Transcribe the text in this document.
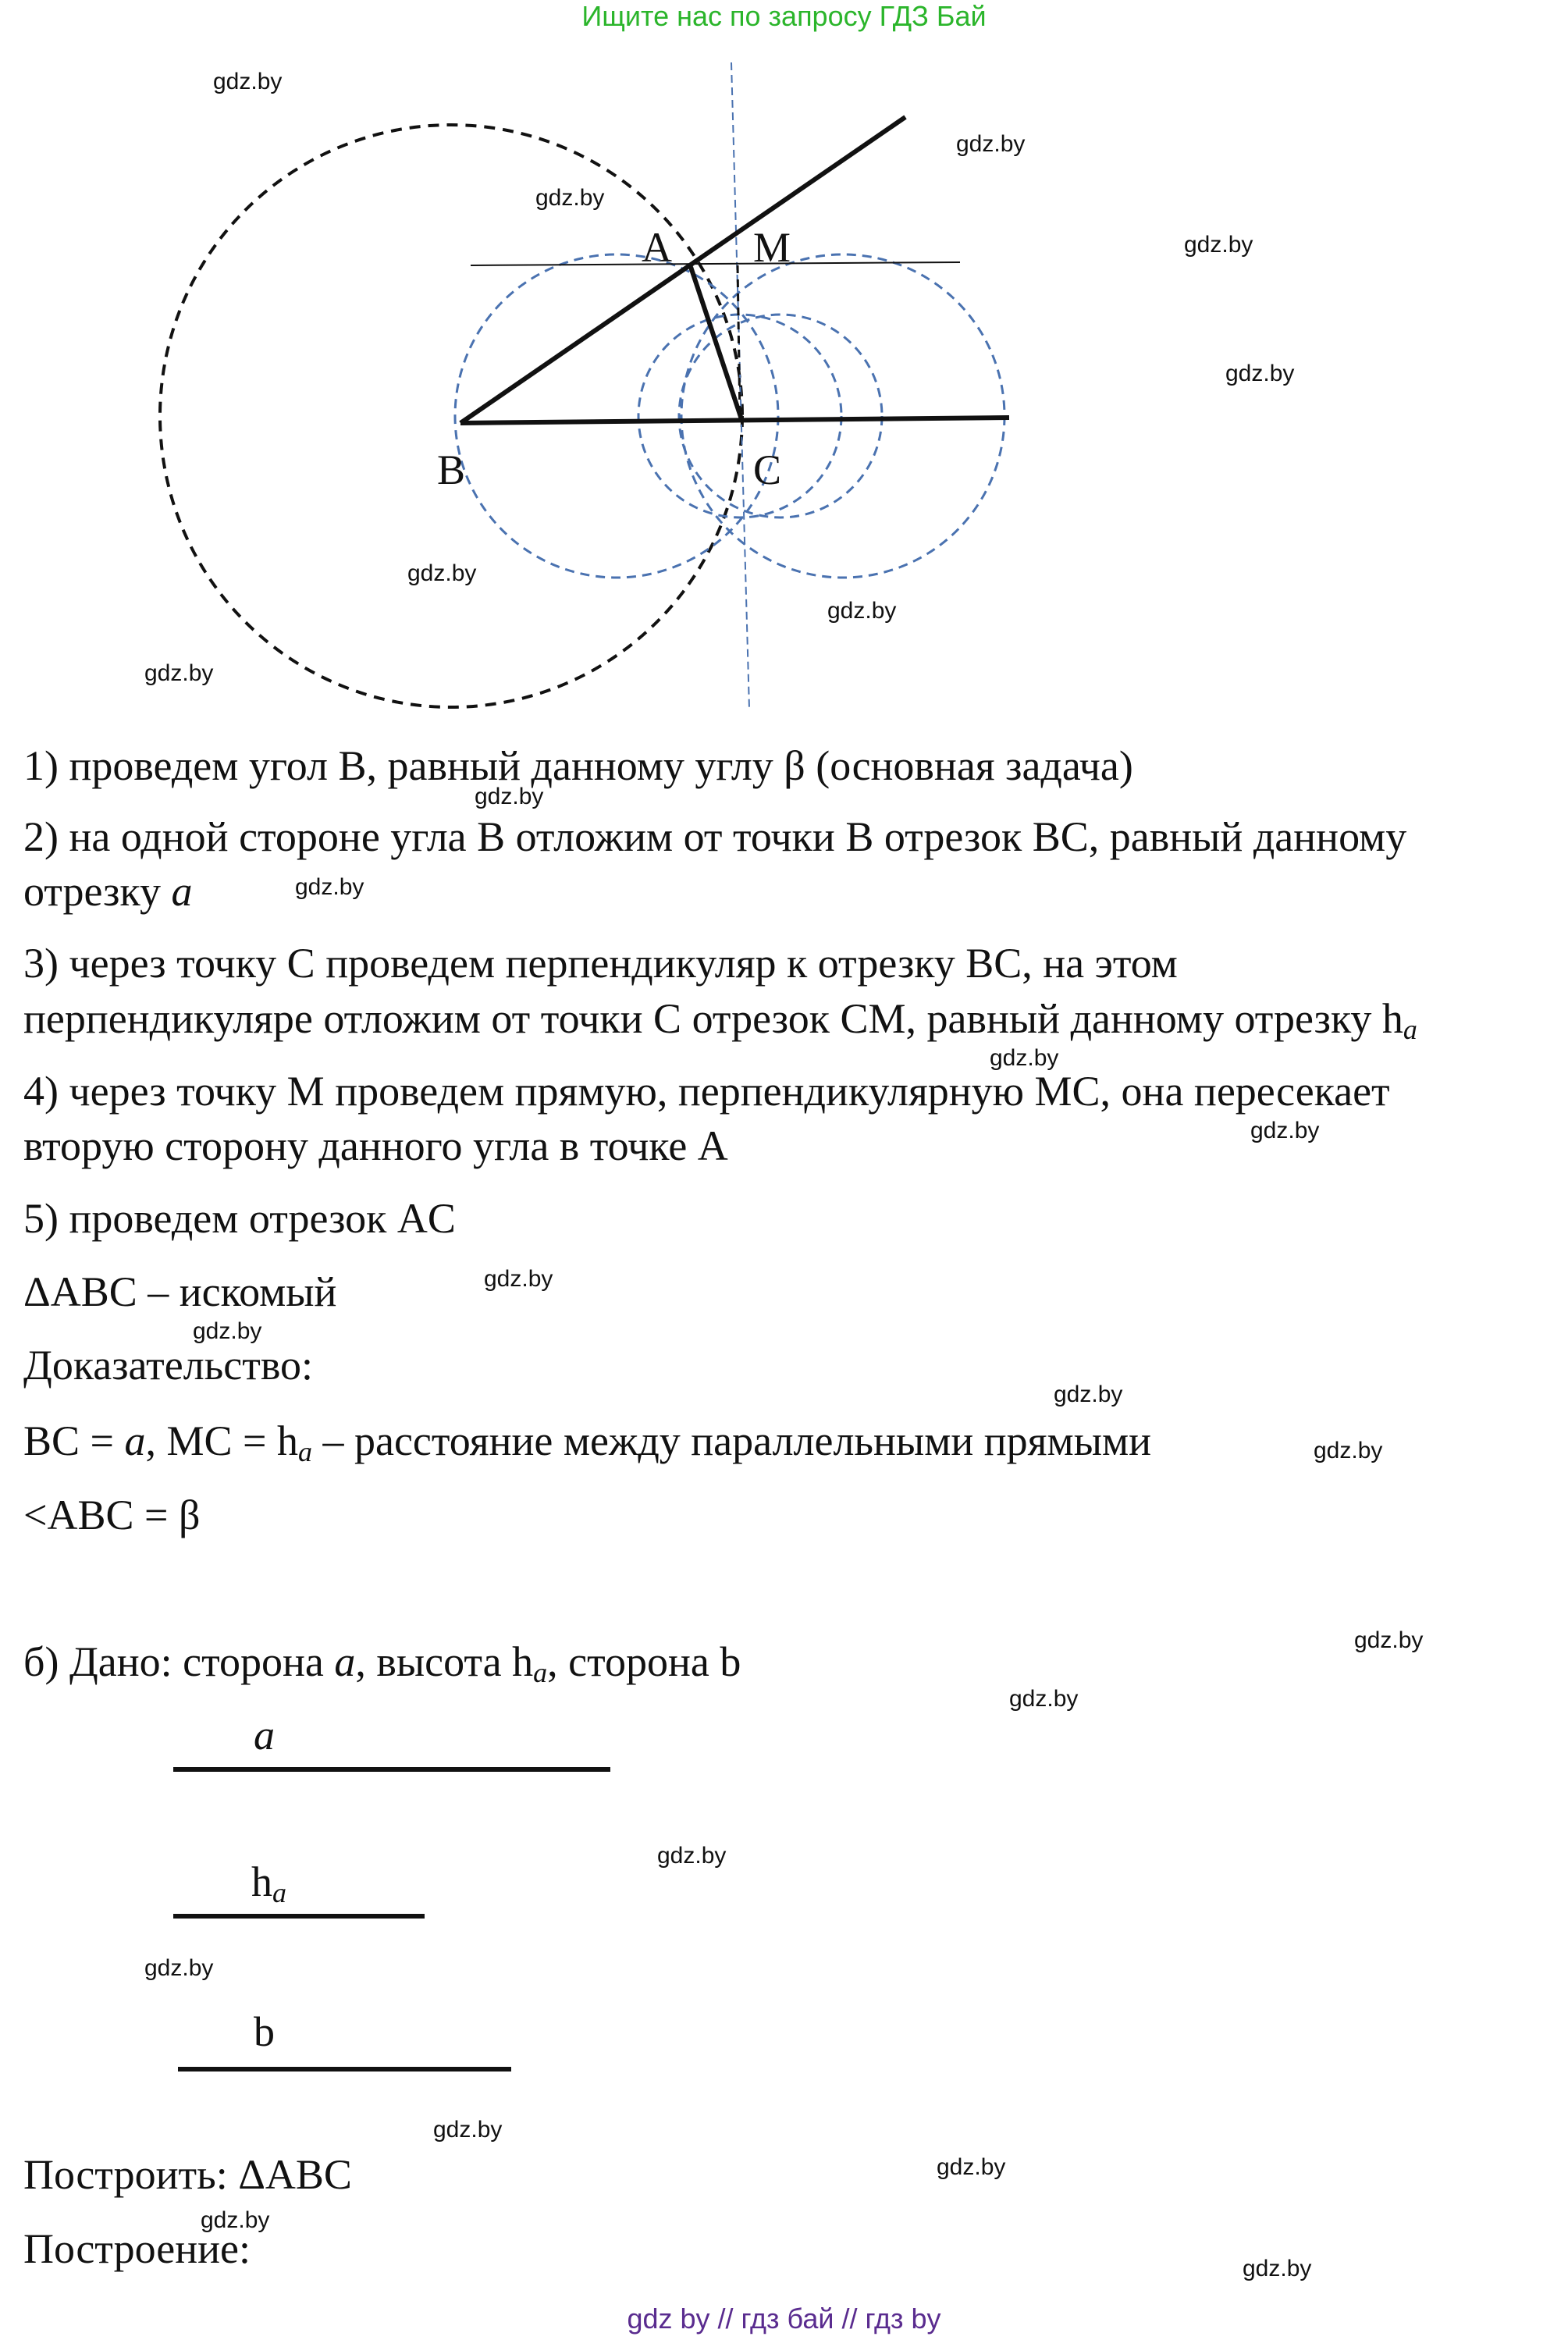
Ищите нас по запросу ГДЗ Бай
A M
B	C
gdz.by
gdz.by
gdz.by
gdz.by
gdz.by
gdz.by
gdz.by
gdz.by
gdz.by
gdz.by
gdz.by
gdz.by
gdz.by
gdz.by
gdz.by
gdz.by
gdz.by
gdz.by
gdz.by
gdz.by
gdz.by
gdz.by
gdz.by
gdz.by
1) проведем угол B, равный данному углу β (основная задача)
2) на одной стороне угла B отложим от точки B отрезок BC, равный данному
отрезку a
3) через точку C проведем перпендикуляр к отрезку BC, на этом
перпендикуляре отложим от точки C отрезок CM, равный данному отрезку $h_a$
4) через точку M проведем прямую, перпендикулярную MC, она пересекает
вторую сторону данного угла в точке A
5) проведем отрезок AC
ΔABC – искомый
Доказательство:
BC = a, MC = $h_a$ – расстояние между параллельными прямыми
<ABC = β
б) Дано: сторона a, высота $h_a$, сторона b
a
$h_a$
b
Построить: ΔABC
Построение:
gdz by // гдз бай // гдз by
